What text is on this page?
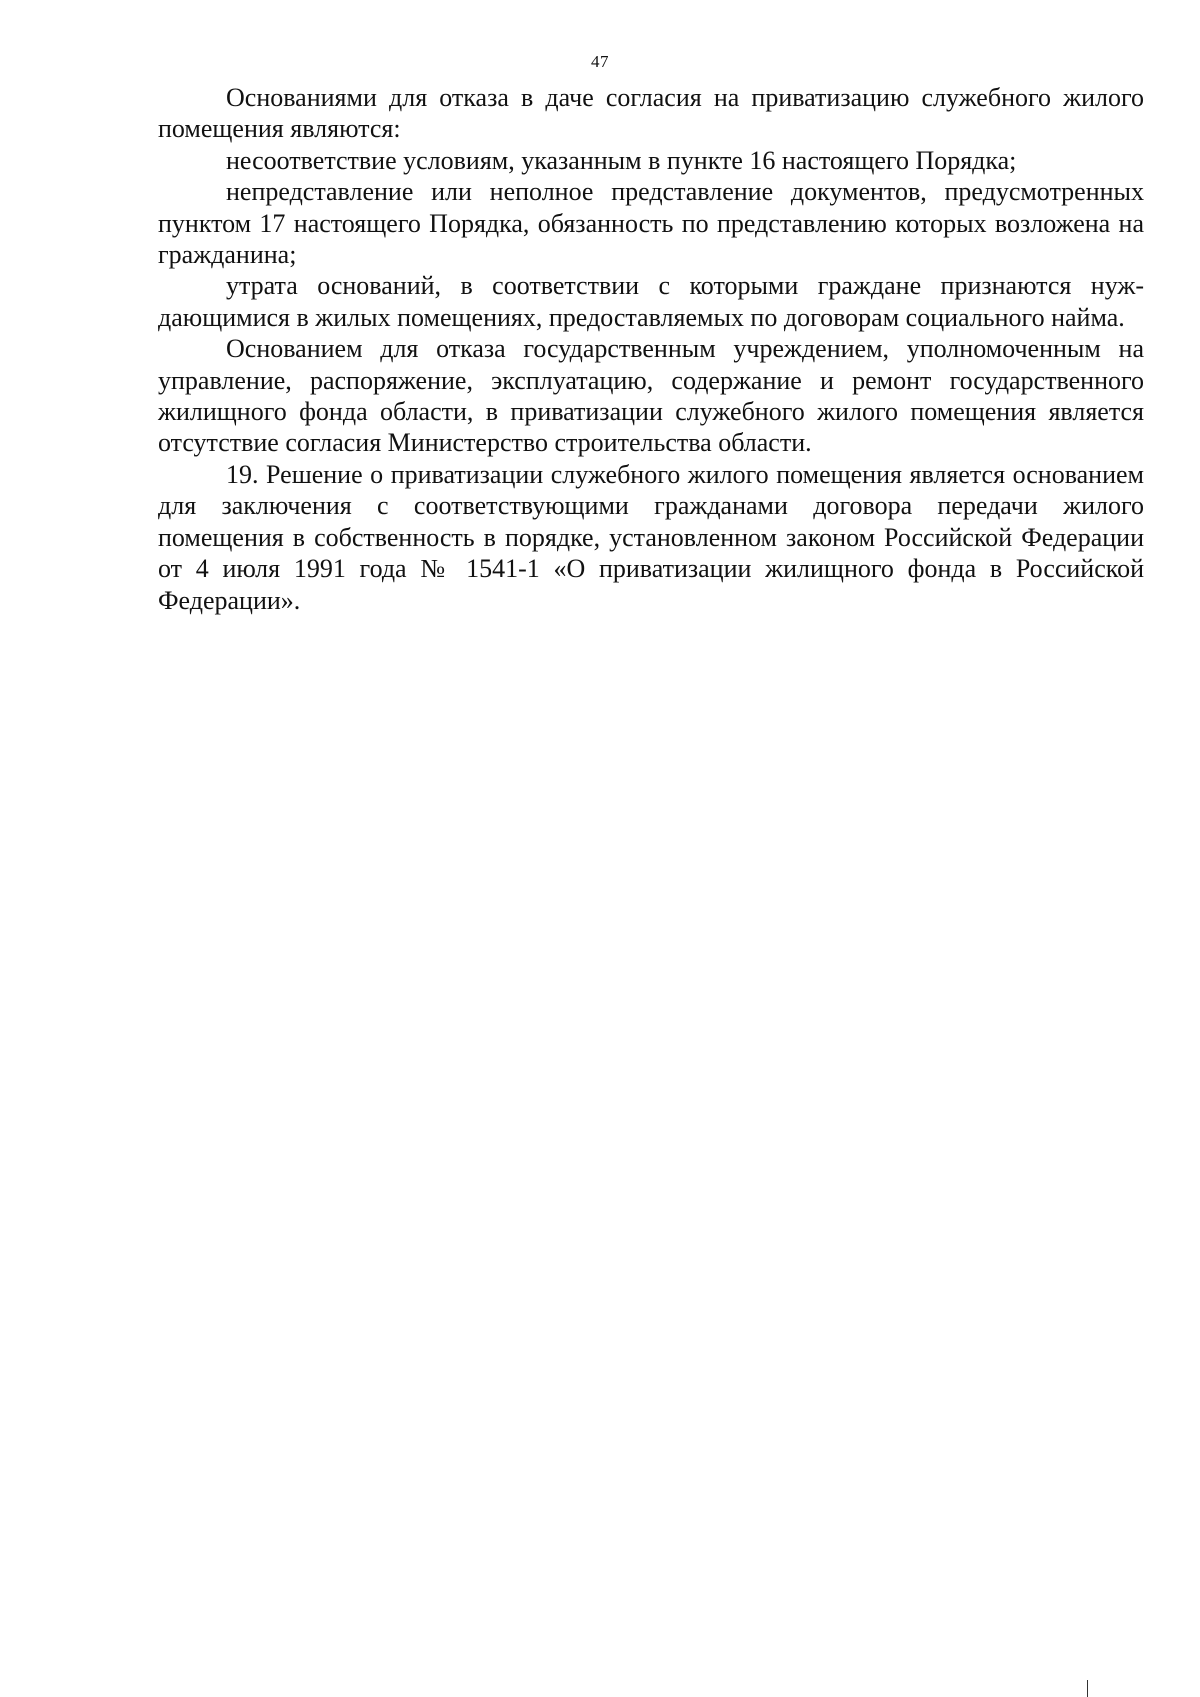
47

Основаниями для отказа в даче согласия на приватизацию служебного жилого помещения являются:

несоответствие условиям, указанным в пункте 16 настоящего Порядка;

непредставление или неполное представление документов, предусмотренных пунктом 17 настоящего Порядка, обязанность по представлению которых возложена на гражданина;

утрата оснований, в соответствии с которыми граждане признаются нуждающимися в жилых помещениях, предоставляемых по договорам социального найма.

Основанием для отказа государственным учреждением, уполномоченным на управление, распоряжение, эксплуатацию, содержание и ремонт государственного жилищного фонда области, в приватизации служебного жилого помещения является отсутствие согласия Министерство строительства области.

19. Решение о приватизации служебного жилого помещения является основанием для заключения с соответствующими гражданами договора передачи жилого помещения в собственность в порядке, установленном законом Российской Федерации от 4 июля 1991 года № 1541-1 «О приватизации жилищного фонда в Российской Федерации».
